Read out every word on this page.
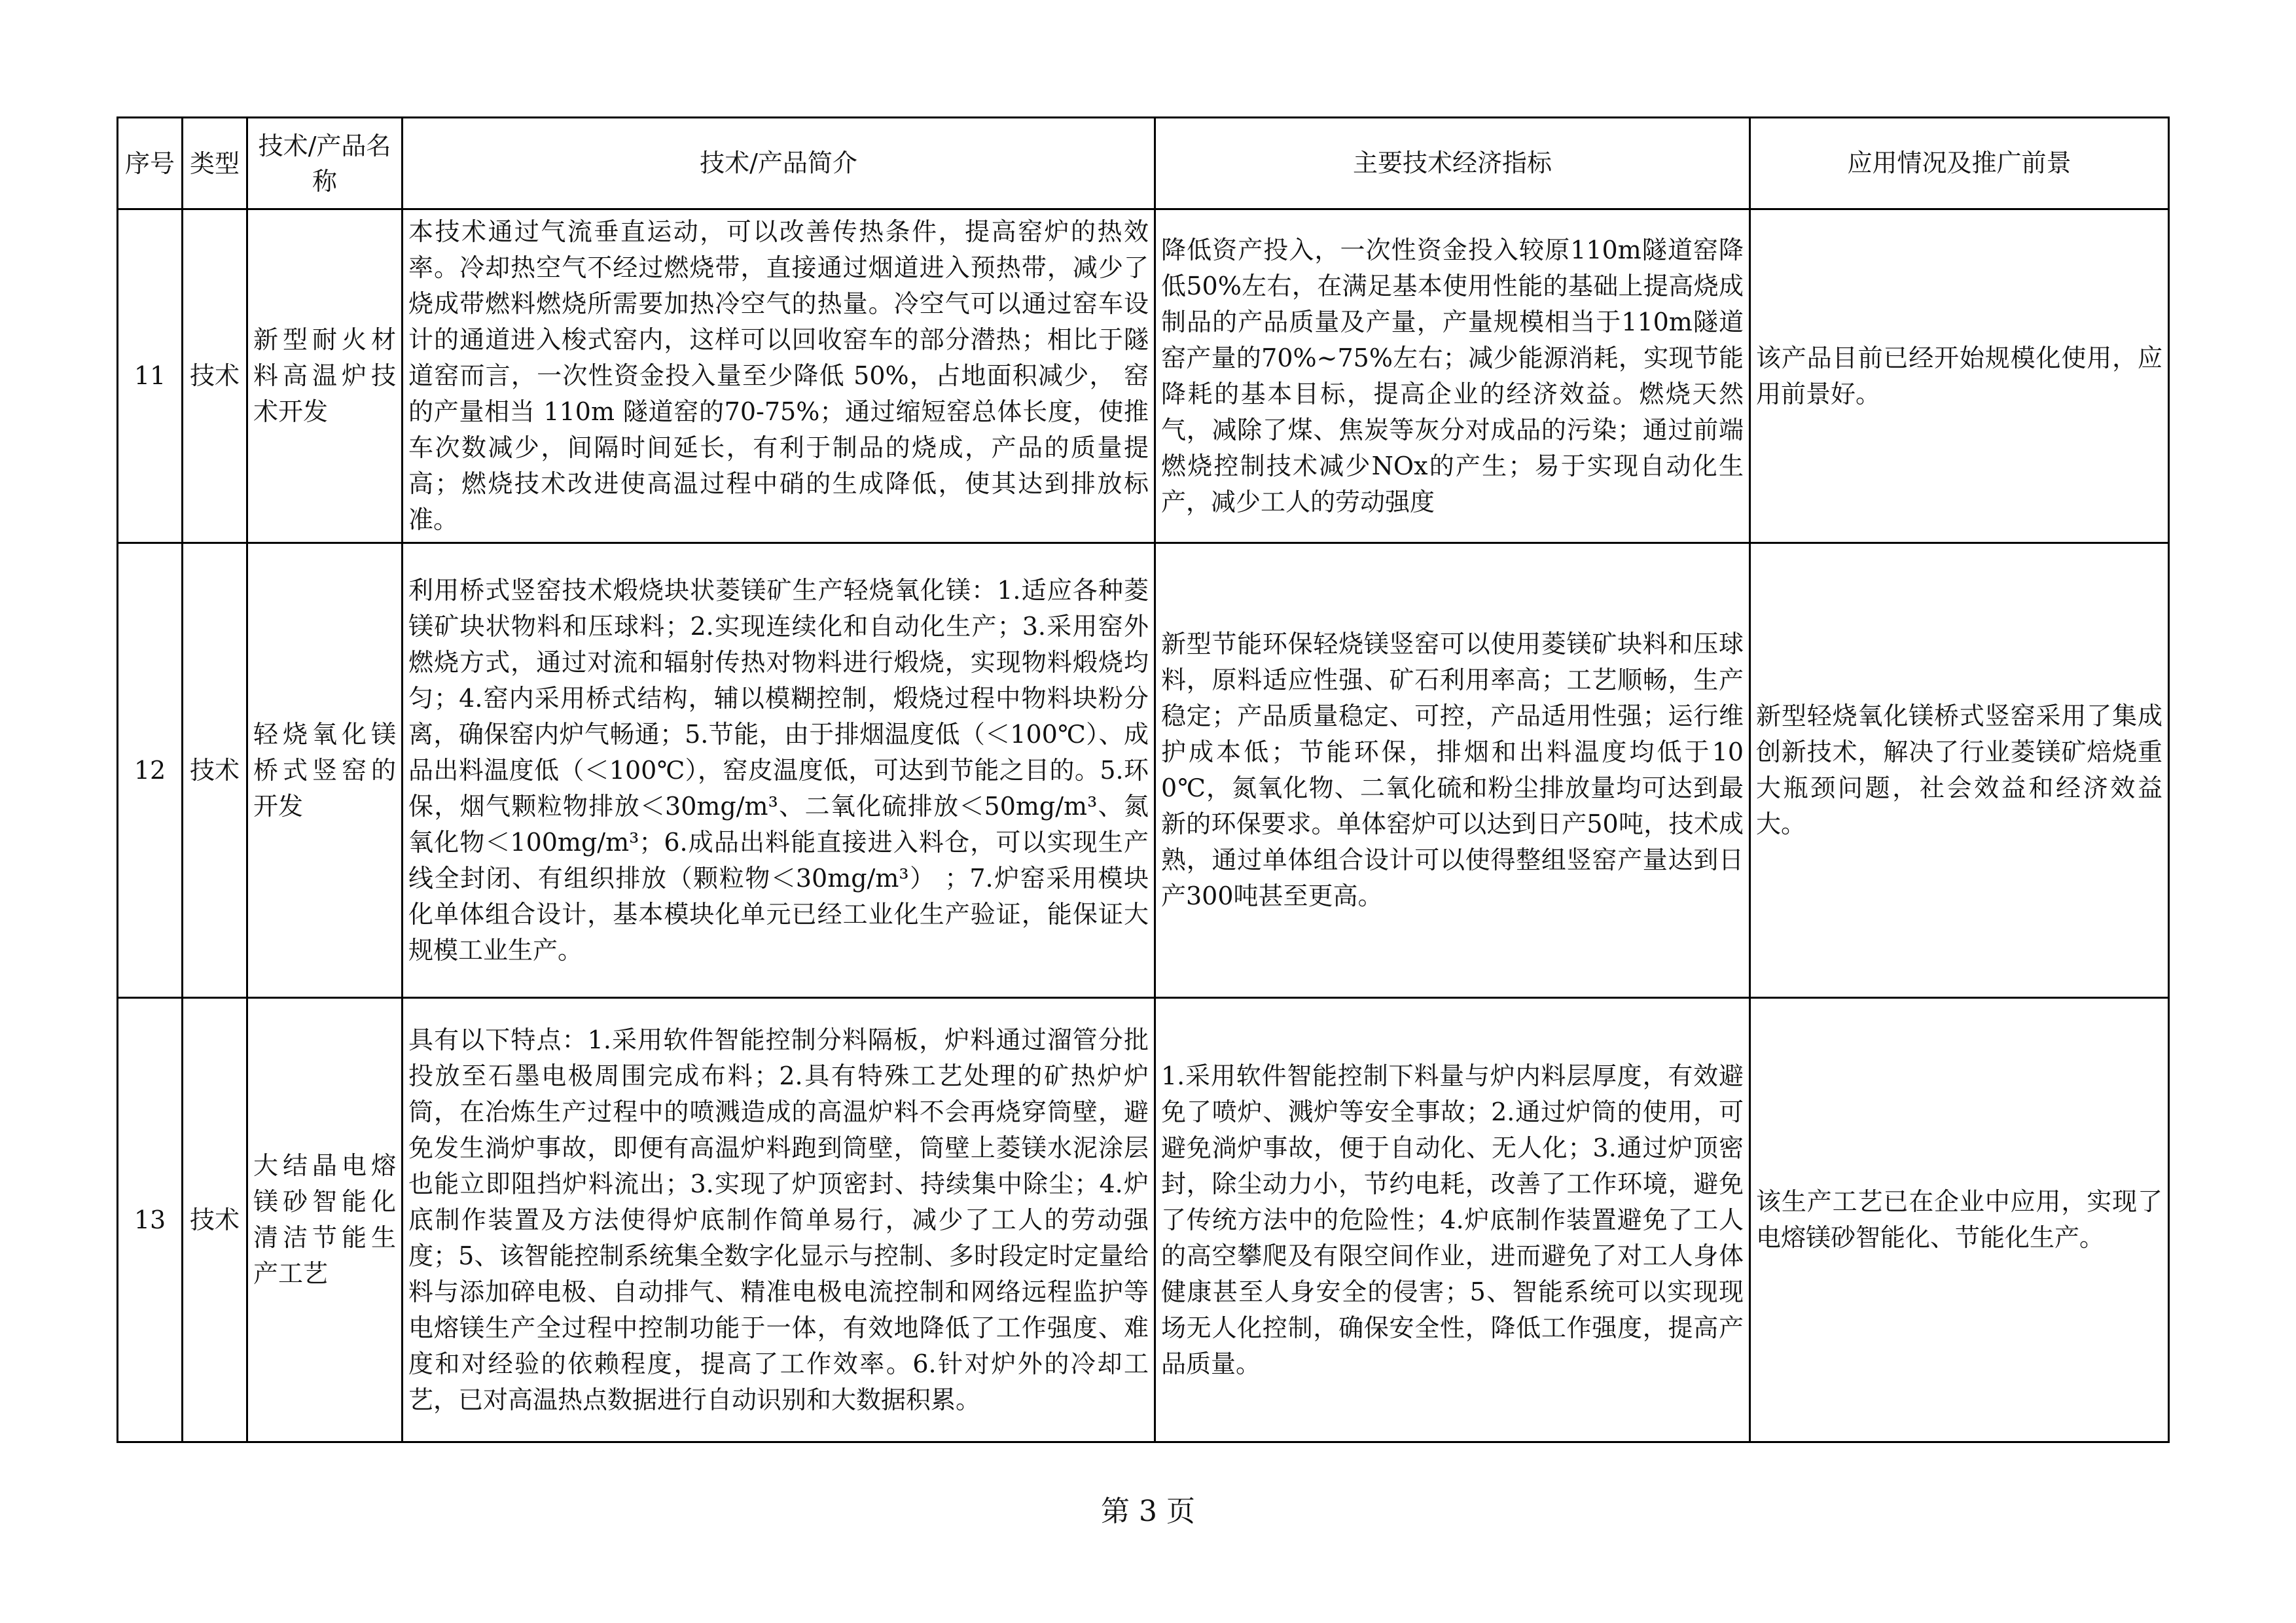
序号	类型	技术/产品名称	技术/产品简介	主要技术经济指标	应用情况及推广前景
11	技术	新型耐火材料高温炉技术开发	本技术通过气流垂直运动，可以改善传热条件，提高窑炉的热效率。冷却热空气不经过燃烧带，直接通过烟道进入预热带，减少了烧成带燃料燃烧所需要加热冷空气的热量。冷空气可以通过窑车设计的通道进入梭式窑内，这样可以回收窑车的部分潜热；相比于隧道窑而言，一次性资金投入量至少降低 50%，占地面积减少， 窑的产量相当 110m 隧道窑的70-75%；通过缩短窑总体长度，使推车次数减少，间隔时间延长，有利于制品的烧成，产品的质量提高；燃烧技术改进使高温过程中硝的生成降低，使其达到排放标准。	降低资产投入，一次性资金投入较原110m隧道窑降低50%左右，在满足基本使用性能的基础上提高烧成制品的产品质量及产量，产量规模相当于110m隧道窑产量的70%~75%左右；减少能源消耗，实现节能降耗的基本目标，提高企业的经济效益。燃烧天然气，减除了煤、焦炭等灰分对成品的污染；通过前端燃烧控制技术减少NOx的产生；易于实现自动化生产，减少工人的劳动强度	该产品目前已经开始规模化使用，应用前景好。
12	技术	轻烧氧化镁桥式竖窑的开发	利用桥式竖窑技术煅烧块状菱镁矿生产轻烧氧化镁：1.适应各种菱镁矿块状物料和压球料；2.实现连续化和自动化生产；3.采用窑外燃烧方式，通过对流和辐射传热对物料进行煅烧，实现物料煅烧均匀；4.窑内采用桥式结构，辅以模糊控制，煅烧过程中物料块粉分离，确保窑内炉气畅通；5.节能，由于排烟温度低（＜100℃）、成品出料温度低（＜100℃），窑皮温度低，可达到节能之目的。5.环保，烟气颗粒物排放＜30mg/m³、二氧化硫排放＜50mg/m³、氮氧化物＜100mg/m³；6.成品出料能直接进入料仓，可以实现生产线全封闭、有组织排放（颗粒物＜30mg/m³） ；7.炉窑采用模块化单体组合设计，基本模块化单元已经工业化生产验证，能保证大规模工业生产。	新型节能环保轻烧镁竖窑可以使用菱镁矿块料和压球料，原料适应性强、矿石利用率高；工艺顺畅，生产稳定；产品质量稳定、可控，产品适用性强；运行维护成本低；节能环保，排烟和出料温度均低于100℃，氮氧化物、二氧化硫和粉尘排放量均可达到最新的环保要求。单体窑炉可以达到日产50吨，技术成熟，通过单体组合设计可以使得整组竖窑产量达到日产300吨甚至更高。	新型轻烧氧化镁桥式竖窑采用了集成创新技术，解决了行业菱镁矿焙烧重大瓶颈问题，社会效益和经济效益大。
13	技术	大结晶电熔镁砂智能化清洁节能生产工艺	具有以下特点：1.采用软件智能控制分料隔板，炉料通过溜管分批投放至石墨电极周围完成布料；2.具有特殊工艺处理的矿热炉炉筒，在冶炼生产过程中的喷溅造成的高温炉料不会再烧穿筒壁，避免发生淌炉事故，即便有高温炉料跑到筒壁，筒壁上菱镁水泥涂层也能立即阻挡炉料流出；3.实现了炉顶密封、持续集中除尘；4.炉底制作装置及方法使得炉底制作简单易行，减少了工人的劳动强度；5、该智能控制系统集全数字化显示与控制、多时段定时定量给料与添加碎电极、自动排气、精准电极电流控制和网络远程监护等电熔镁生产全过程中控制功能于一体，有效地降低了工作强度、难度和对经验的依赖程度，提高了工作效率。6.针对炉外的冷却工艺，已对高温热点数据进行自动识别和大数据积累。	1.采用软件智能控制下料量与炉内料层厚度，有效避免了喷炉、溅炉等安全事故；2.通过炉筒的使用，可避免淌炉事故，便于自动化、无人化；3.通过炉顶密封，除尘动力小，节约电耗，改善了工作环境，避免了传统方法中的危险性；4.炉底制作装置避免了工人的高空攀爬及有限空间作业，进而避免了对工人身体健康甚至人身安全的侵害；5、智能系统可以实现现场无人化控制，确保安全性，降低工作强度，提高产品质量。	该生产工艺已在企业中应用，实现了电熔镁砂智能化、节能化生产。
第 3 页
